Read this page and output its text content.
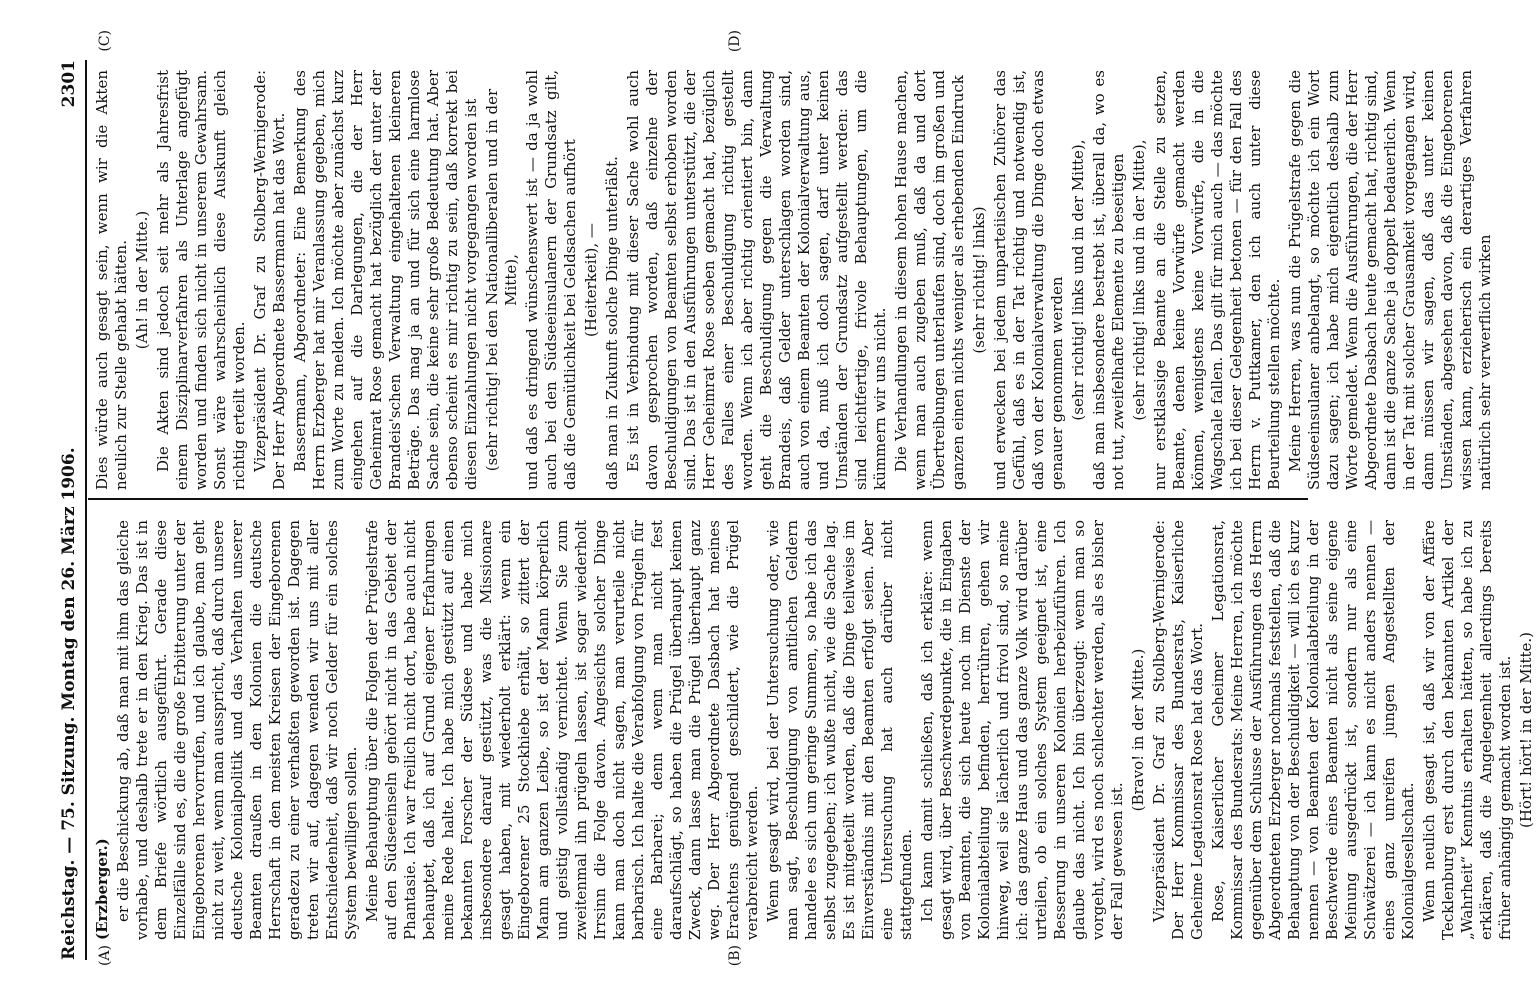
Reichstag. — 75. Sitzung. Montag den 26. März 1906.
2301
(A)	(B)
(C)	(D)

(Erzberger.) er die Beschickung ab, daß man mit ihm das gleiche vorhabe, und deshalb trete er in den Krieg. Das ist in dem Briefe wörtlich ausgeführt. Gerade diese Einzelfälle sind es, die die große Erbitterung unter der Eingeborenen hervorrufen, und ich glaube, man geht nicht zu weit, wenn man ausspricht, daß durch unsere deutsche Kolonialpolitik und das Verhalten unserer Beamten draußen in den Kolonien die deutsche Herrschaft in den meisten Kreisen der Eingeborenen geradezu zu einer verhaßten geworden ist. Dagegen treten wir auf, dagegen wenden wir uns mit aller Entschiedenheit, daß wir noch Gelder für ein solches System bewilligen sollen. Meine Behauptung über die Folgen der Prügelstrafe auf den Südseeinseln gehört nicht in das Gebiet der Phantasie. Ich war freilich nicht dort, habe auch nicht behauptet, daß ich auf Grund eigener Erfahrungen meine Rede halte. Ich habe mich gestützt auf einen bekannten Forscher der Südsee und habe mich insbesondere darauf gestützt, was die Missionare gesagt haben, mit wiederholt erklärt: wenn ein Eingeborener 25 Stockhiebe erhält, so zittert der Mann am ganzen Leibe, so ist der Mann körperlich und geistig vollständig vernichtet. Wenn Sie zum zweitenmal ihn prügeln lassen, ist sogar wiederholt Irrsinn die Folge davon. Angesichts solcher Dinge kann man doch nicht sagen, man verurteile nicht barbarisch. Ich halte die Verabfolgung von Prügeln für eine Barbarei; denn wenn man nicht fest daraufschlägt, so haben die Prügel überhaupt keinen Zweck, dann lasse man die Prügel überhaupt ganz weg. Der Herr Abgeordnete Dasbach hat meines Erachtens genügend geschildert, wie die Prügel verabreicht werden. Wenn gesagt wird, bei der Untersuchung oder, wie man sagt, Beschuldigung von amtlichen Geldern handele es sich um geringe Summen, so habe ich das selbst zugegeben; ich wußte nicht, wie die Sache lag. Es ist mitgeteilt worden, daß die Dinge teilweise im Einverständnis mit den Beamten erfolgt seien. Aber eine Untersuchung hat auch darüber nicht stattgefunden. Ich kann damit schließen, daß ich erkläre: wenn gesagt wird, über Beschwerdepunkte, die in Eingaben von Beamten, die sich heute noch im Dienste der Kolonialabteilung befinden, herrühren, gehen wir hinweg, weil sie lächerlich und frivol sind, so meine ich: das ganze Haus und das ganze Volk wird darüber urteilen, ob ein solches System geeignet ist, eine Besserung in unseren Kolonien herbeizuführen. Ich glaube das nicht. Ich bin überzeugt: wenn man so vorgeht, wird es noch schlechter werden, als es bisher der Fall gewesen ist.

(Bravo! in der Mitte.) Vizepräsident Dr. Graf zu Stolberg-Wernigerode: Der Herr Kommissar des Bundesrats, Kaiserliche Geheime Legationsrat Rose hat das Wort. Rose, Kaiserlicher Geheimer Legationsrat, Kommissar des Bundesrats: Meine Herren, ich möchte gegenüber dem Schlusse der Ausführungen des Herrn Abgeordneten Erzberger nochmals feststellen, daß die Behauptung von der Beschuldigkeit — will ich es kurz nennen — von Beamten der Kolonialabteilung in der Beschwerde eines Beamten nicht als seine eigene Meinung ausgedrückt ist, sondern nur als eine Schwätzerei — ich kann es nicht anders nennen — eines ganz unreifen jungen Angestellten der Kolonialgesellschaft. Wenn neulich gesagt ist, daß wir von der Affäre Tecklenburg erst durch den bekannten Artikel der „Wahrheit“ Kenntnis erhalten hätten, so habe ich zu erklären, daß die Angelegenheit allerdings bereits früher anhängig gemacht worden ist. (Hört! hört! in der Mitte.)

Dies würde auch gesagt sein, wenn wir die Akten neulich zur Stelle gehabt hätten. (Ah! in der Mitte.) Die Akten sind jedoch seit mehr als Jahresfrist einem Disziplinarverfahren als Unterlage angefügt worden und finden sich nicht in unserem Gewahrsam. Sonst wäre wahrscheinlich diese Auskunft gleich richtig erteilt worden. Vizepräsident Dr. Graf zu Stolberg-Wernigerode: Der Herr Abgeordnete Bassermann hat das Wort. Bassermann, Abgeordneter: Eine Bemerkung des Herrn Erzberger hat mir Veranlassung gegeben, mich zum Worte zu melden. Ich möchte aber zunächst kurz eingehen auf die Darlegungen, die der Herr Geheimrat Rose gemacht hat bezüglich der unter der Brandeis'schen Verwaltung eingehaltenen kleineren Beträge. Das mag ja an und für sich eine harmlose Sache sein, die keine sehr große Bedeutung hat. Aber ebenso scheint es mir richtig zu sein, daß korrekt bei diesen Einzahlungen nicht vorgegangen worden ist (sehr richtig! bei den Nationalliberalen und in der Mitte), und daß es dringend wünschenswert ist — da ja wohl auch bei den Südseeinsulanern der Grundsatz gilt, daß die Gemütlichkeit bei Geldsachen aufhört (Heiterkeit), — daß man in Zukunft solche Dinge unterläßt. Es ist in Verbindung mit dieser Sache wohl auch davon gesprochen worden, daß einzelne der Beschuldigungen von Beamten selbst erhoben worden sind. Das ist in den Ausführungen unterstützt, die der Herr Geheimrat Rose soeben gemacht hat, bezüglich des Falles einer Beschuldigung richtig gestellt worden. Wenn ich aber richtig orientiert bin, dann geht die Beschuldigung gegen die Verwaltung Brandeis, daß Gelder unterschlagen worden sind, auch von einem Beamten der Kolonialverwaltung aus, und da, muß ich doch sagen, darf unter keinen Umständen der Grundsatz aufgestellt werden: das sind leichtfertige, frivole Behauptungen, um die kümmern wir uns nicht. Die Verhandlungen in diesem hohen Hause machen, wenn man auch zugeben muß, daß da und dort Übertreibungen unterlaufen sind, doch im großen und ganzen einen nichts weniger als erhebenden Eindruck (sehr richtig! links) und erwecken bei jedem unparteiischen Zuhörer das Gefühl, daß es in der Tat richtig und notwendig ist, daß von der Kolonialverwaltung die Dinge doch etwas genauer genommen werden (sehr richtig! links und in der Mitte), daß man insbesondere bestrebt ist, überall da, wo es not tut, zweifelhafte Elemente zu beseitigen (sehr richtig! links und in der Mitte), nur erstklassige Beamte an die Stelle zu setzen, Beamte, denen keine Vorwürfe gemacht werden können, wenigstens keine Vorwürfe, die in die Wagschale fallen. Das gilt für mich auch — das möchte ich bei dieser Gelegenheit betonen — für den Fall des Herrn v. Puttkamer, den ich auch unter diese Beurteilung stellen möchte. Meine Herren, was nun die Prügelstrafe gegen die Südseeinsulaner anbelangt, so möchte ich ein Wort dazu sagen; ich habe mich eigentlich deshalb zum Worte gemeldet. Wenn die Ausführungen, die der Herr Abgeordnete Dasbach heute gemacht hat, richtig sind, dann ist die ganze Sache ja doppelt bedauerlich. Wenn in der Tat mit solcher Grausamkeit vorgegangen wird, dann müssen wir sagen, daß das unter keinen Umständen, abgesehen davon, daß die Eingeborenen wissen kann, erzieherisch ein derartiges Verfahren natürlich sehr verwerflich wirken
